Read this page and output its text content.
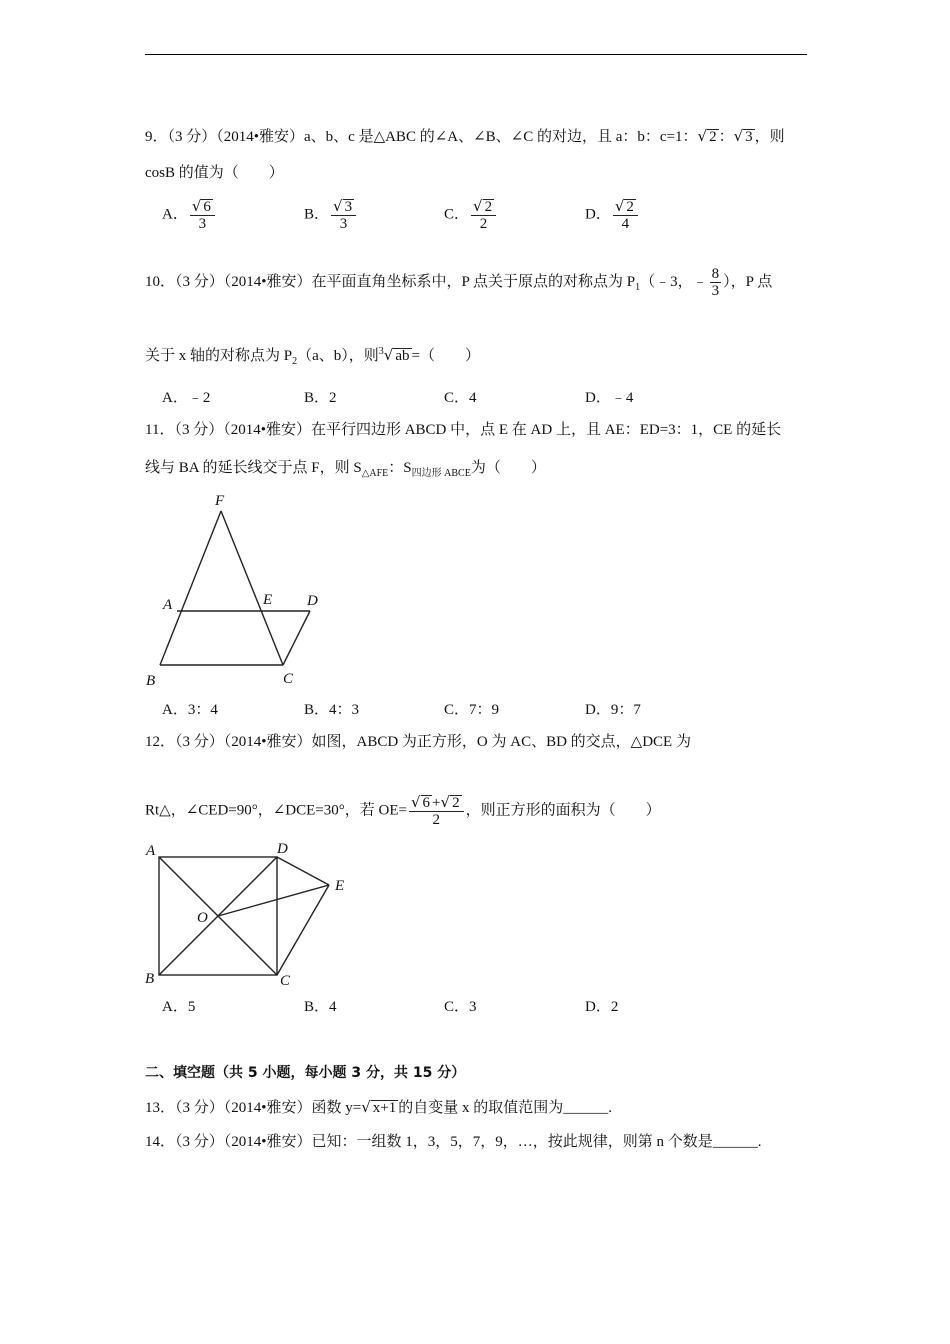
9．（3 分）（2014•雅安）a、b、c 是△ABC 的∠A、∠B、∠C 的对边，且 a：b：c=1：√ 2 ：√ 3 ，则
cosB 的值为（　　）
A． $\frac{√ 6}{3}$	B． $\frac{√ 3}{3}$	C． $\frac{√ 2}{2}$	D． $\frac{√ 2}{4}$
10．（3 分）（2014•雅安）在平面直角坐标系中，P 点关于原点的对称点为 $P_1(﹣3$，﹣ $\frac{8}{3}$ ），P 点
关于 x 轴的对称点为 $P_2(a$、b），则$^3$√ ab =（　　）
A．﹣2	B．2	C．4	D．﹣4
11．（3 分）（2014•雅安）在平行四边形 ABCD 中，点 E 在 AD 上，且 AE：ED=3：1，CE 的延长
线与 BA 的延长线交于点 F，则 $S_{\triangle AFE}$：$S_{四边形 ABCE}$为（　　）
F
A	E D
B	C
A．3：4	B．4：3	C．7：9	D．9：7
12．（3 分）（2014•雅安）如图，ABCD 为正方形，O 为 AC、BD 的交点，△DCE 为
Rt△，∠CED=90°，∠DCE=30°，若 $OE= \frac{√ 6 +√ 2}{2}$ ，则正方形的面积为（　　）
A	D
E
O
B	C
A．5	B．4	C．3	D．2
二、填空题（共 5 小题，每小题 3 分，共 15 分）
13．（3 分）（2014•雅安）函数 y=√ x+1 的自变量 x 的取值范围为______.
14．（3 分）（2014•雅安）已知：一组数 1，3，5，7，9，…，按此规律，则第 n 个数是______.
